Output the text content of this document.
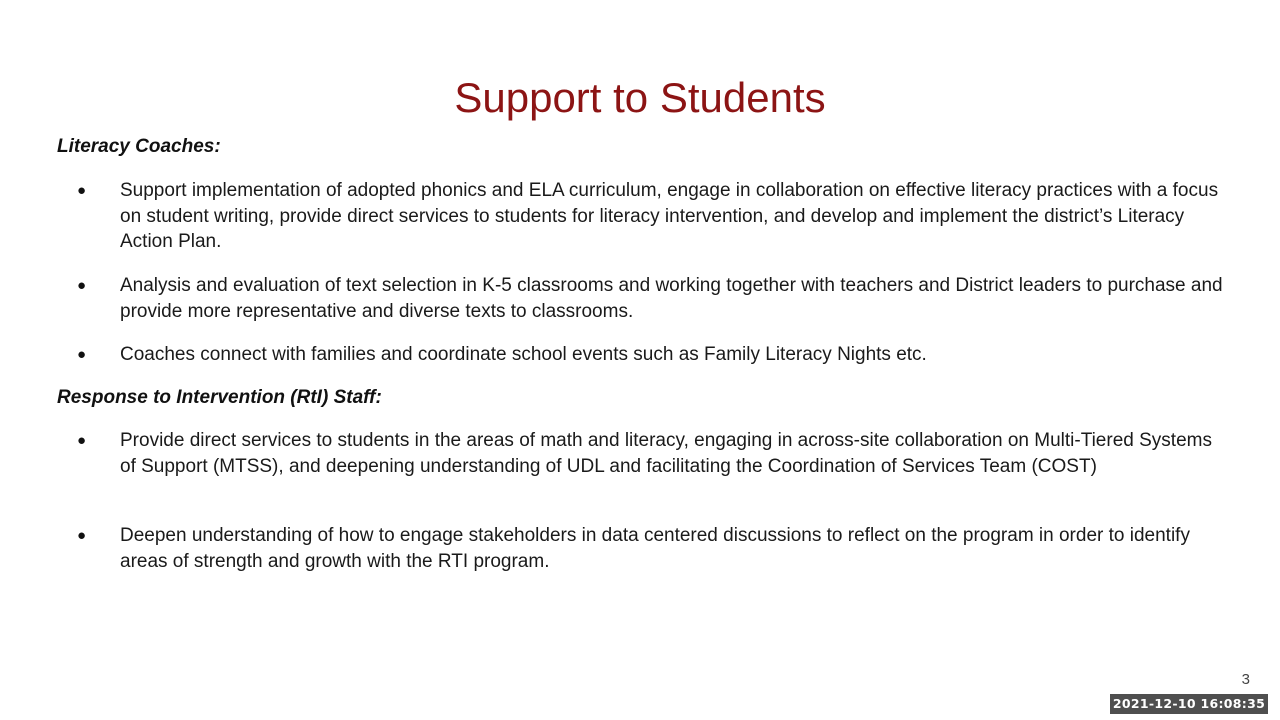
Support to Students
Literacy Coaches:
● Support implementation of adopted phonics and ELA curriculum, engage in collaboration on effective literacy practices with a focus on student writing, provide direct services to students for literacy intervention, and develop and implement the district’s Literacy Action Plan.
● Analysis and evaluation of text selection in K-5 classrooms and working together with teachers and District leaders to purchase and provide more representative and diverse texts to classrooms.
● Coaches connect with families and coordinate school events such as Family Literacy Nights etc.
Response to Intervention (RtI) Staff:
● Provide direct services to students in the areas of math and literacy, engaging in across-site collaboration on Multi-Tiered Systems of Support (MTSS), and deepening understanding of UDL and facilitating the Coordination of Services Team (COST)
● Deepen understanding of how to engage stakeholders in data centered discussions to reflect on the program in order to identify areas of strength and growth with the RTI program.
3
2021-12-10 16:08:35
